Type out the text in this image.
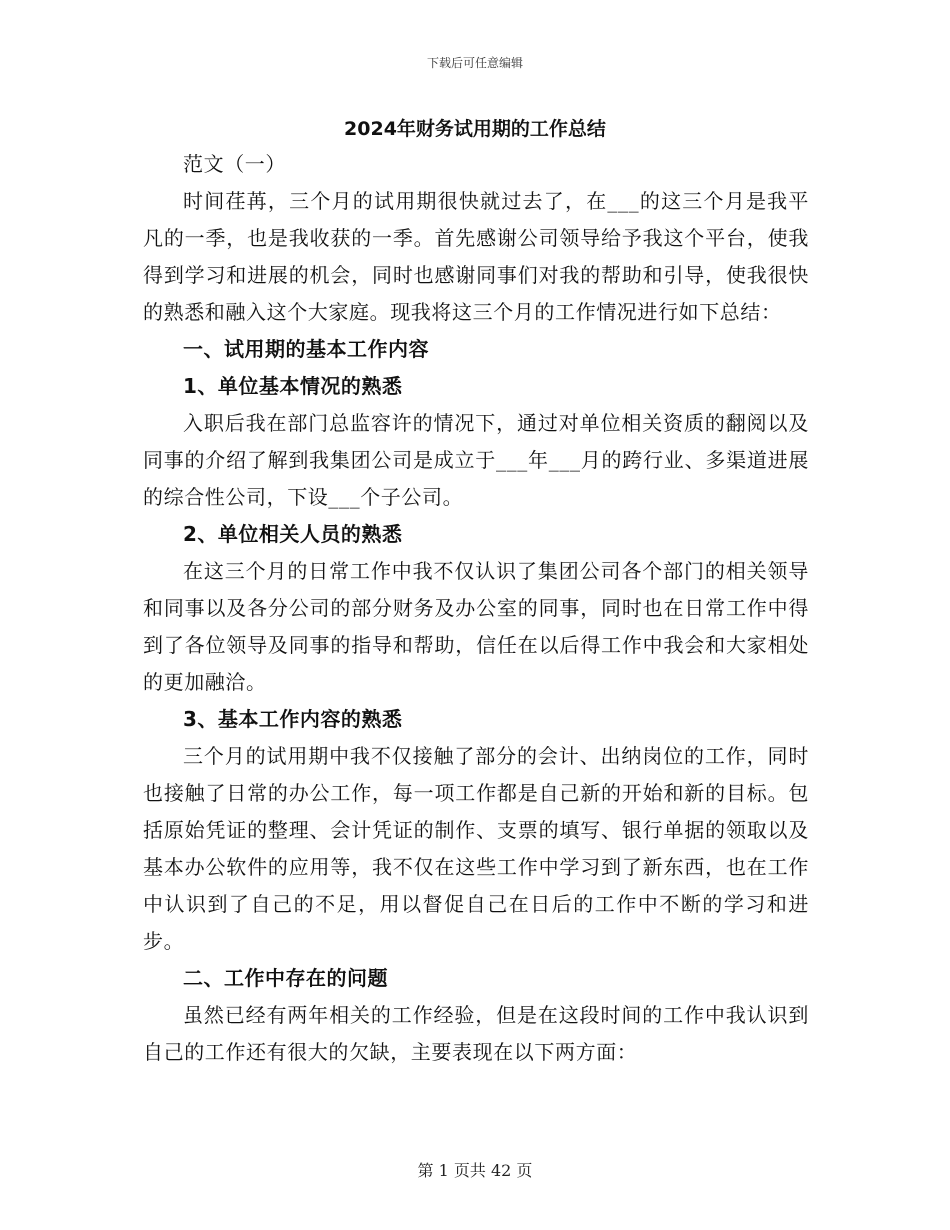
下载后可任意编辑
2024年财务试用期的工作总结

范文（一）

时间荏苒，三个月的试用期很快就过去了，在___的这三个月是我平凡的一季，也是我收获的一季。首先感谢公司领导给予我这个平台，使我得到学习和进展的机会，同时也感谢同事们对我的帮助和引导，使我很快的熟悉和融入这个大家庭。现我将这三个月的工作情况进行如下总结：

一、试用期的基本工作内容
1、单位基本情况的熟悉

入职后我在部门总监容许的情况下，通过对单位相关资质的翻阅以及同事的介绍了解到我集团公司是成立于___年___月的跨行业、多渠道进展的综合性公司，下设___个子公司。

2、单位相关人员的熟悉

在这三个月的日常工作中我不仅认识了集团公司各个部门的相关领导和同事以及各分公司的部分财务及办公室的同事，同时也在日常工作中得到了各位领导及同事的指导和帮助，信任在以后得工作中我会和大家相处的更加融洽。

3、基本工作内容的熟悉

三个月的试用期中我不仅接触了部分的会计、出纳岗位的工作，同时也接触了日常的办公工作，每一项工作都是自己新的开始和新的目标。包括原始凭证的整理、会计凭证的制作、支票的填写、银行单据的领取以及基本办公软件的应用等，我不仅在这些工作中学习到了新东西，也在工作中认识到了自己的不足，用以督促自己在日后的工作中不断的学习和进步。

二、工作中存在的问题

虽然已经有两年相关的工作经验，但是在这段时间的工作中我认识到自己的工作还有很大的欠缺，主要表现在以下两方面：

第 1 页共 42 页
